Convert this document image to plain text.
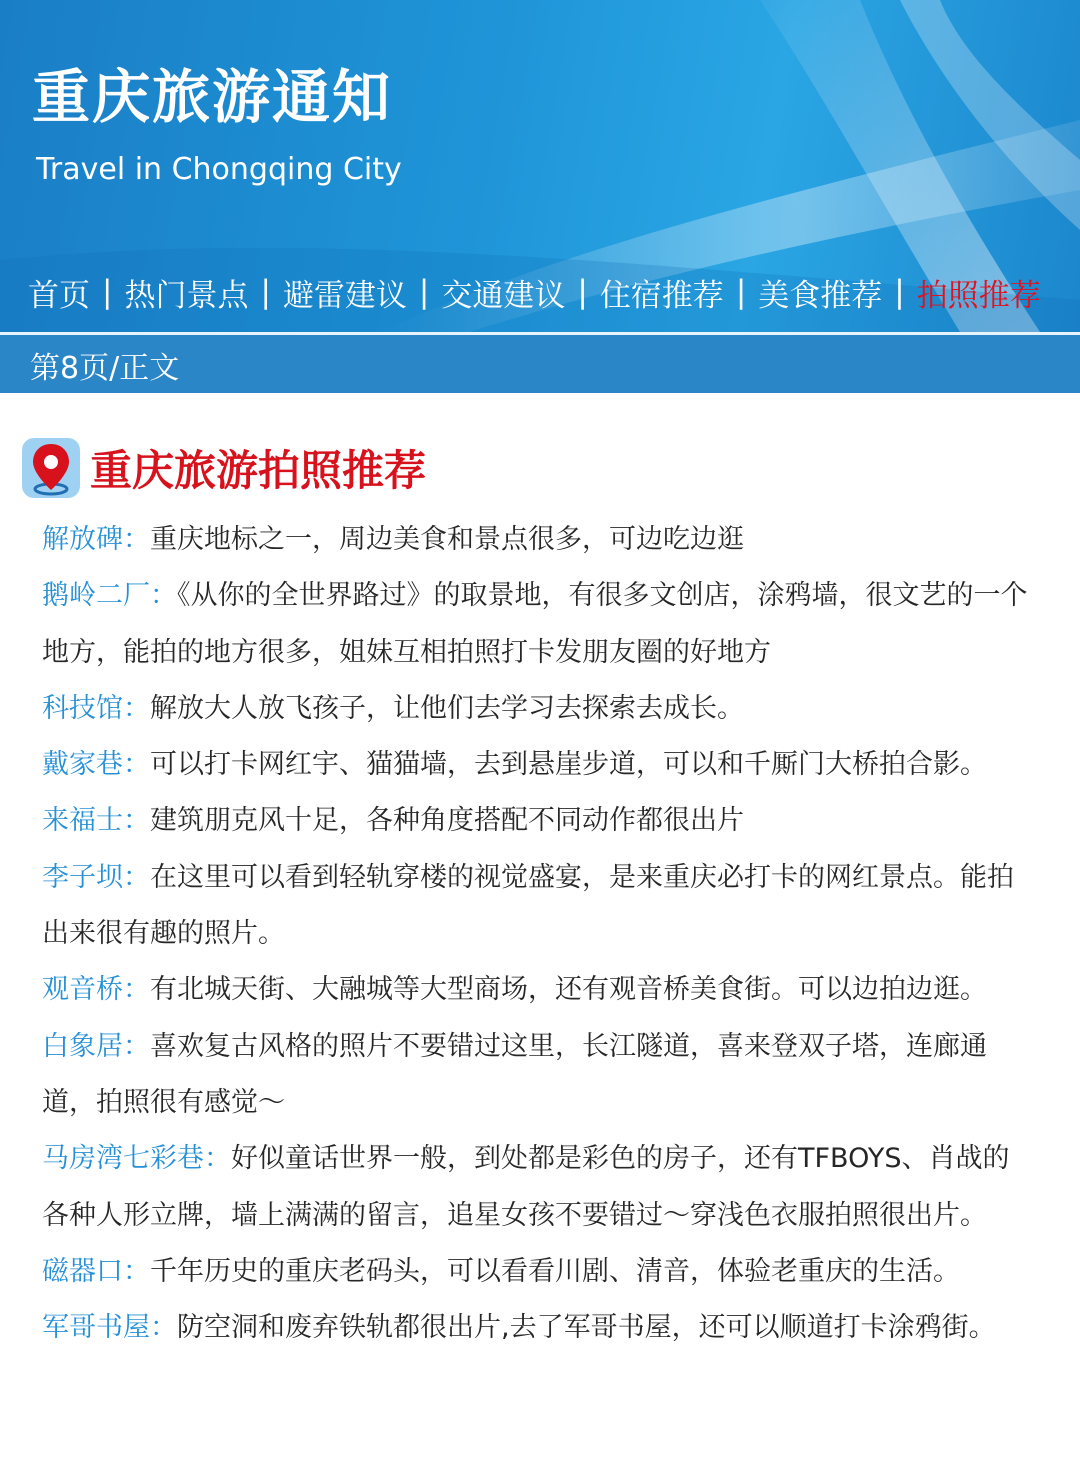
重庆旅游通知
Travel in Chongqing City
首页 | 热门景点 | 避雷建议 | 交通建议 | 住宿推荐 | 美食推荐 | 拍照推荐
第8页/正文
重庆旅游拍照推荐

解放碑：重庆地标之一，周边美食和景点很多，可边吃边逛

鹅岭二厂：《从你的全世界路过》的取景地，有很多文创店，涂鸦墙，很文艺的一个地方，能拍的地方很多，姐妹互相拍照打卡发朋友圈的好地方

科技馆：解放大人放飞孩子，让他们去学习去探索去成长。

戴家巷：可以打卡网红宇、猫猫墙，去到悬崖步道，可以和千厮门大桥拍合影。

来福士：建筑朋克风十足，各种角度搭配不同动作都很出片

李子坝：在这里可以看到轻轨穿楼的视觉盛宴，是来重庆必打卡的网红景点。能拍出来很有趣的照片。

观音桥：有北城天街、大融城等大型商场，还有观音桥美食街。可以边拍边逛。

白象居：喜欢复古风格的照片不要错过这里，长江隧道，喜来登双子塔，连廊通道，拍照很有感觉～

马房湾七彩巷：好似童话世界一般，到处都是彩色的房子，还有TFBOYS、肖战的各种人形立牌，墙上满满的留言，追星女孩不要错过～穿浅色衣服拍照很出片。

磁器口：千年历史的重庆老码头，可以看看川剧、清音，体验老重庆的生活。

军哥书屋：防空洞和废弃铁轨都很出片,去了军哥书屋，还可以顺道打卡涂鸦街。
